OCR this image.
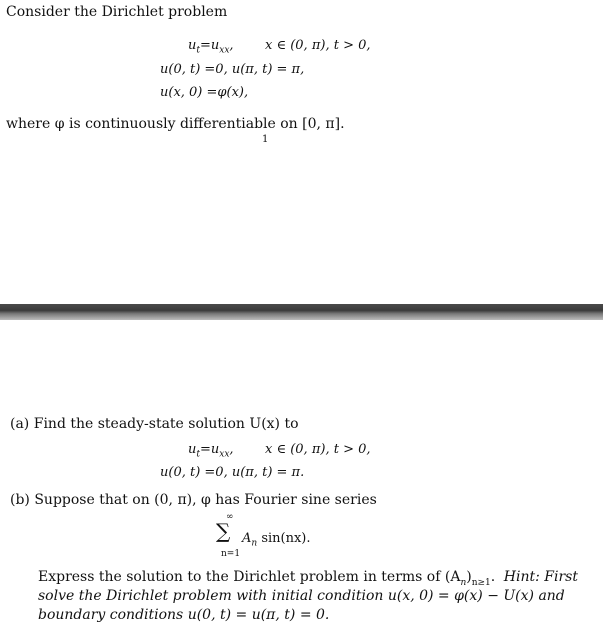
Consider the Dirichlet problem
$u_t=u_{xx}$, x ∈ (0, π), t > 0,
u(0, t) =0, u(π, t) = π,
u(x, 0) =φ(x),
where φ is continuously differentiable on [0, π].
1
(a) Find the steady-state solution U(x) to
$u_t=u_{xx}$, x ∈ (0, π), t > 0,
u(0, t) =0, u(π, t) = π.
(b) Suppose that on (0, π), φ has Fourier sine series
∞
∑
n=1
$A_n$ sin(nx).
Express the solution to the Dirichlet problem in terms of $(A_n)_{n\ge 1}$. Hint: First
solve the Dirichlet problem with initial condition u(x, 0) = φ(x) − U(x) and
boundary conditions u(0, t) = u(π, t) = 0.
